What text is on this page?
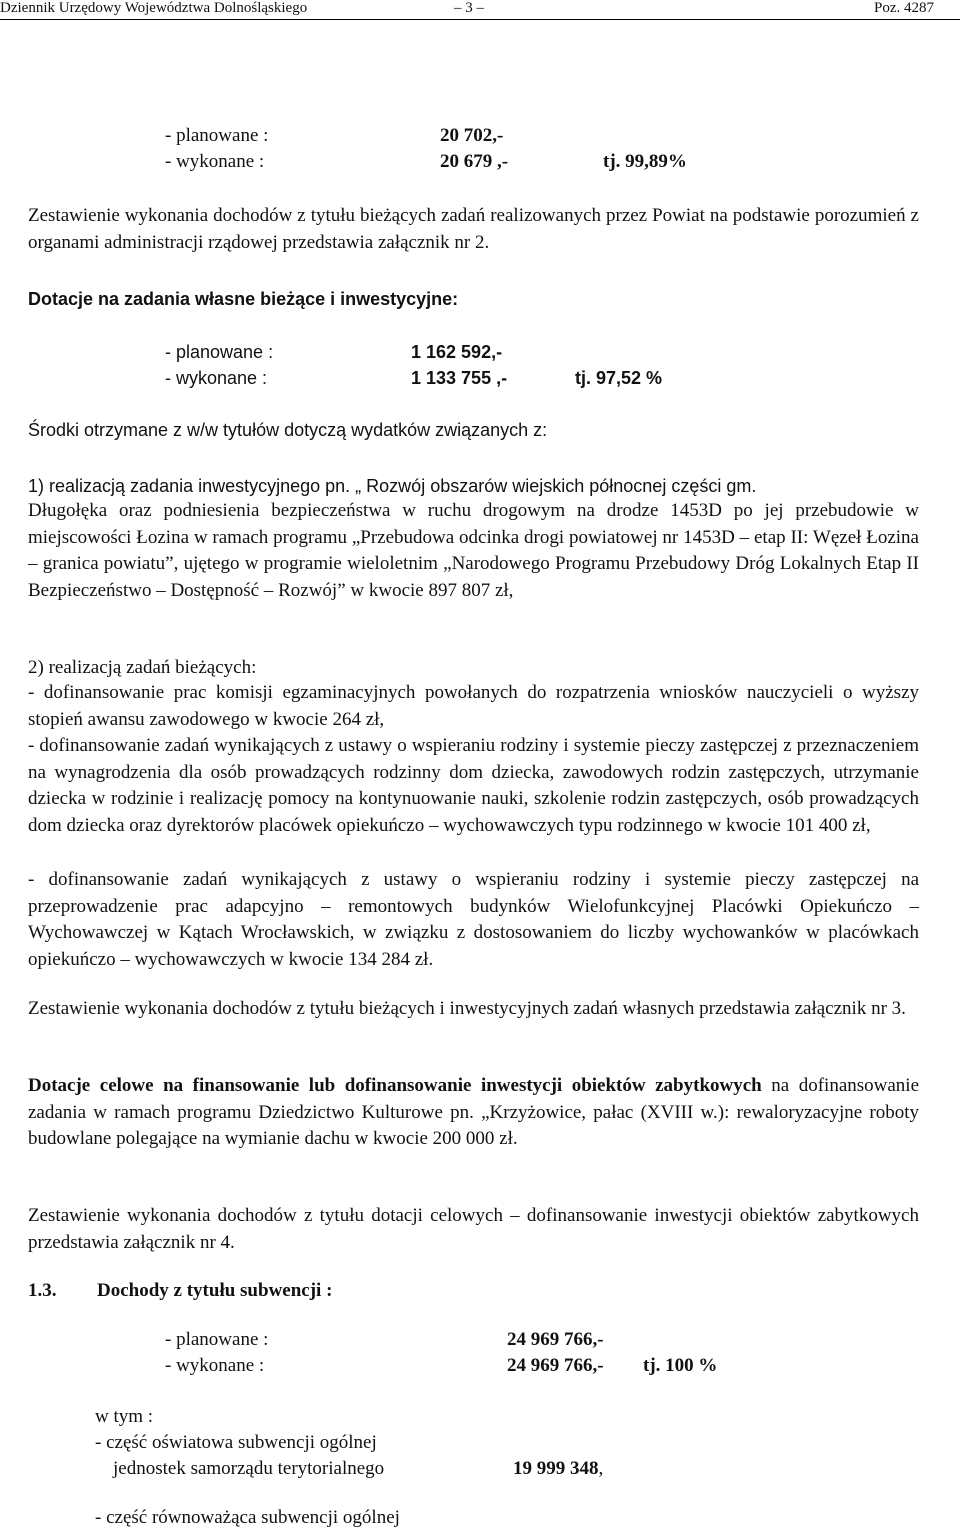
Dziennik Urzędowy Województwa Dolnośląskiego	– 3 –	Poz. 4287
- planowane :	20 702,-
- wykonane :	20 679 ,-	tj. 99,89%
Zestawienie wykonania dochodów z tytułu bieżących zadań realizowanych przez Powiat na podstawie porozumień z organami administracji rządowej przedstawia załącznik nr 2.
Dotacje na zadania własne bieżące i inwestycyjne:
- planowane :	1 162 592,-
- wykonane :	1 133 755 ,-	tj. 97,52 %
Środki otrzymane z w/w tytułów dotyczą wydatków związanych z:
1) realizacją zadania inwestycyjnego pn. „ Rozwój obszarów wiejskich północnej części gm.
Długołęka oraz podniesienia bezpieczeństwa w ruchu drogowym na drodze 1453D po jej przebudowie w miejscowości Łozina w ramach programu „Przebudowa odcinka drogi powiatowej nr 1453D – etap II: Węzeł Łozina – granica powiatu”, ujętego w programie wieloletnim „Narodowego Programu Przebudowy Dróg Lokalnych Etap II Bezpieczeństwo – Dostępność – Rozwój” w kwocie 897 807 zł,
2) realizacją zadań bieżących:
- dofinansowanie prac komisji egzaminacyjnych powołanych do rozpatrzenia wniosków nauczycieli o wyższy stopień awansu zawodowego w kwocie 264 zł,
- dofinansowanie zadań wynikających z ustawy o wspieraniu rodziny i systemie pieczy zastępczej z przeznaczeniem na wynagrodzenia dla osób prowadzących rodzinny dom dziecka, zawodowych rodzin zastępczych, utrzymanie dziecka w rodzinie i realizację pomocy na kontynuowanie nauki, szkolenie rodzin zastępczych, osób prowadzących dom dziecka oraz dyrektorów placówek opiekuńczo – wychowawczych typu rodzinnego w kwocie 101 400 zł,
- dofinansowanie zadań wynikających z ustawy o wspieraniu rodziny i systemie pieczy zastępczej na przeprowadzenie prac adapcyjno – remontowych budynków Wielofunkcyjnej Placówki Opiekuńczo – Wychowawczej w Kątach Wrocławskich, w związku z dostosowaniem do liczby wychowanków w placówkach opiekuńczo – wychowawczych w kwocie 134 284 zł.
Zestawienie wykonania dochodów z tytułu bieżących i inwestycyjnych zadań własnych przedstawia załącznik nr 3.
Dotacje celowe na finansowanie lub dofinansowanie inwestycji obiektów zabytkowych na dofinansowanie zadania w ramach programu Dziedzictwo Kulturowe pn. „Krzyżowice, pałac (XVIII w.): rewaloryzacyjne roboty budowlane polegające na wymianie dachu w kwocie 200 000 zł.
Zestawienie wykonania dochodów z tytułu dotacji celowych – dofinansowanie inwestycji obiektów zabytkowych przedstawia załącznik nr 4.
1.3. Dochody z tytułu subwencji :
- planowane :	24 969 766,-
- wykonane :	24 969 766,- tj. 100 %
w tym :
- część oświatowa subwencji ogólnej
jednostek samorządu terytorialnego	19 999 348,
- część równoważąca subwencji ogólnej
